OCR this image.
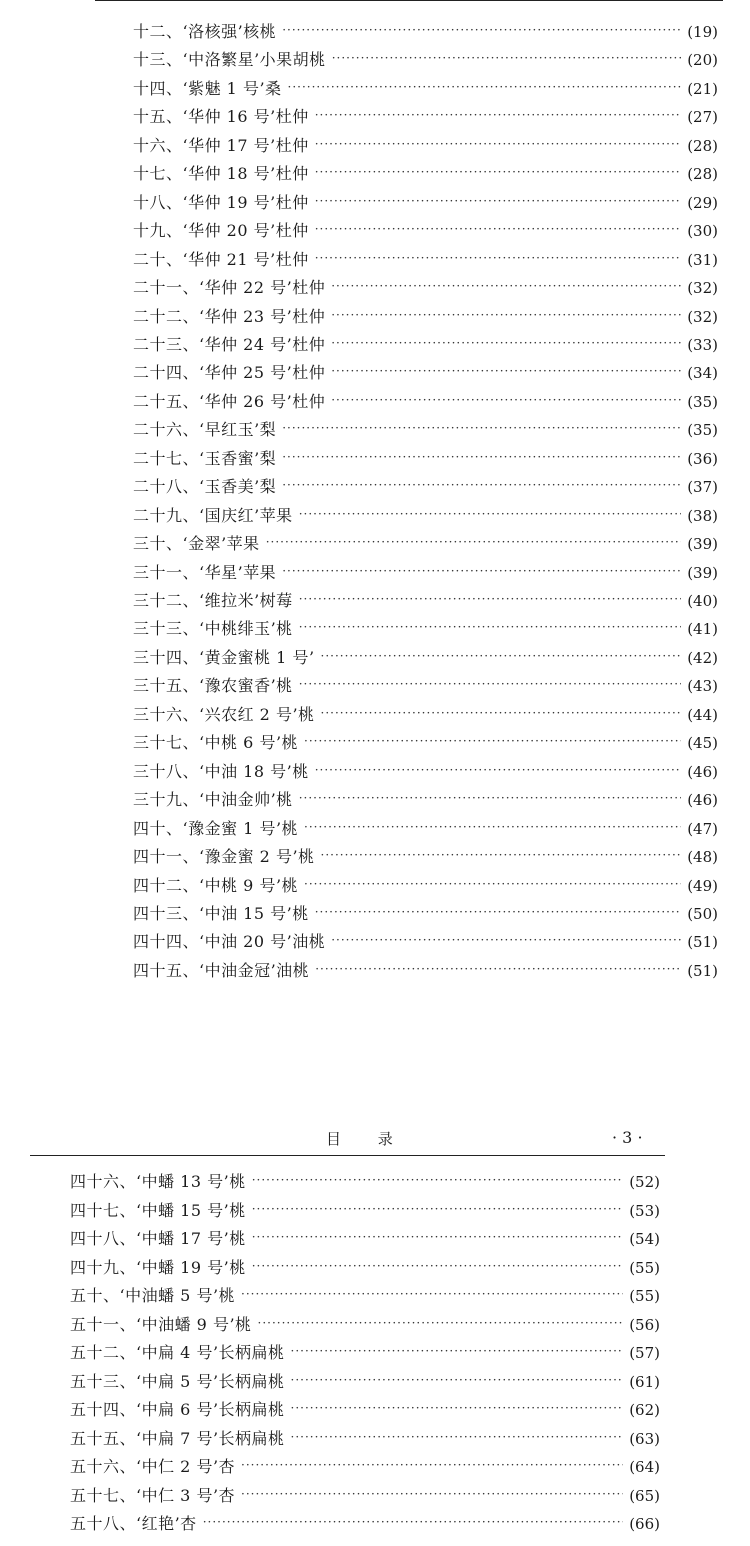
十二、‘洛核强’核桃 ·····	(19)
十三、‘中洛繁星’小果胡桃 ·····	(20)
十四、‘紫魅 1 号’桑 ·····	(21)
十五、‘华仲 16 号’杜仲 ·····	(27)
十六、‘华仲 17 号’杜仲 ·····	(28)
十七、‘华仲 18 号’杜仲 ·····	(28)
十八、‘华仲 19 号’杜仲 ·····	(29)
十九、‘华仲 20 号’杜仲 ·····	(30)
二十、‘华仲 21 号’杜仲 ·····	(31)
二十一、‘华仲 22 号’杜仲 ·····	(32)
二十二、‘华仲 23 号’杜仲 ·····	(32)
二十三、‘华仲 24 号’杜仲 ·····	(33)
二十四、‘华仲 25 号’杜仲 ·····	(34)
二十五、‘华仲 26 号’杜仲 ·····	(35)
二十六、‘早红玉’梨 ·····	(35)
二十七、‘玉香蜜’梨 ·····	(36)
二十八、‘玉香美’梨 ·····	(37)
二十九、‘国庆红’苹果 ·····	(38)
三十、‘金翠’苹果 ·····	(39)
三十一、‘华星’苹果 ·····	(39)
三十二、‘维拉米’树莓 ·····	(40)
三十三、‘中桃绯玉’桃 ·····	(41)
三十四、‘黄金蜜桃 1 号’ ·····	(42)
三十五、‘豫农蜜香’桃 ·····	(43)
三十六、‘兴农红 2 号’桃 ·····	(44)
三十七、‘中桃 6 号’桃 ·····	(45)
三十八、‘中油 18 号’桃 ·····	(46)
三十九、‘中油金帅’桃 ·····	(46)
四十、‘豫金蜜 1 号’桃 ·····	(47)
四十一、‘豫金蜜 2 号’桃 ·····	(48)
四十二、‘中桃 9 号’桃 ·····	(49)
四十三、‘中油 15 号’桃 ·····	(50)
四十四、‘中油 20 号’油桃 ·····	(51)
四十五、‘中油金冠’油桃 ·····	(51)
目 录	· 3 ·
四十六、‘中蟠 13 号’桃 ·····	(52)
四十七、‘中蟠 15 号’桃 ·····	(53)
四十八、‘中蟠 17 号’桃 ·····	(54)
四十九、‘中蟠 19 号’桃 ·····	(55)
五十、‘中油蟠 5 号’桃 ·····	(55)
五十一、‘中油蟠 9 号’桃 ·····	(56)
五十二、‘中扁 4 号’长柄扁桃 ·····	(57)
五十三、‘中扁 5 号’长柄扁桃 ·····	(61)
五十四、‘中扁 6 号’长柄扁桃 ·····	(62)
五十五、‘中扁 7 号’长柄扁桃 ·····	(63)
五十六、‘中仁 2 号’杏 ·····	(64)
五十七、‘中仁 3 号’杏 ·····	(65)
五十八、‘红艳’杏 ·····	(66)
